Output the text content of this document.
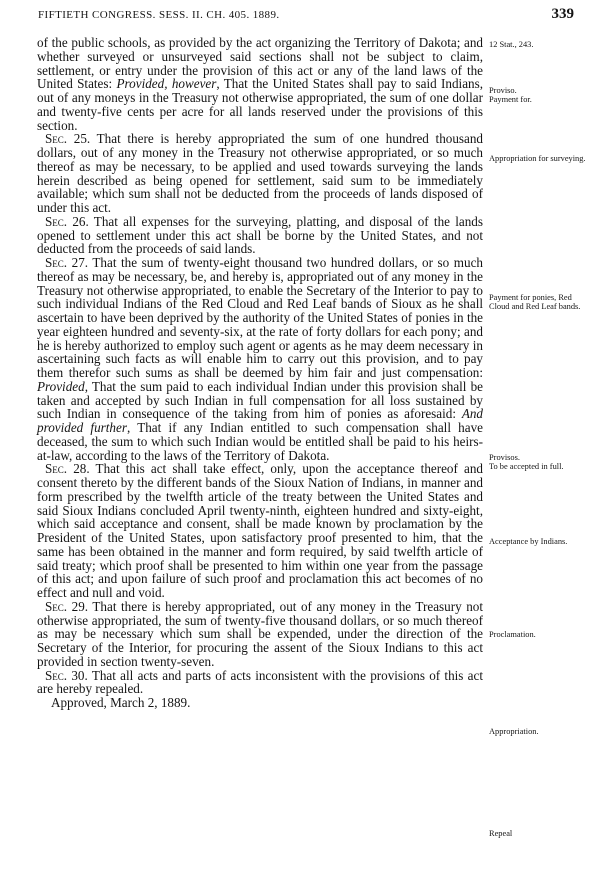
FIFTIETH CONGRESS. SESS. II. CH. 405. 1889.	339

of the public schools, as provided by the act organizing the Territory of Dakota; and whether surveyed or unsurveyed said sections shall not be subject to claim, settlement, or entry under the provision of this act or any of the land laws of the United States: Provided, however, That the United States shall pay to said Indians, out of any moneys in the Treasury not otherwise appropriated, the sum of one dollar and twenty-five cents per acre for all lands reserved under the provisions of this section.

Sec. 25. That there is hereby appropriated the sum of one hundred thousand dollars, out of any money in the Treasury not otherwise appropriated, or so much thereof as may be necessary, to be applied and used towards surveying the lands herein described as being opened for settlement, said sum to be immediately available; which sum shall not be deducted from the proceeds of lands disposed of under this act.

Sec. 26. That all expenses for the surveying, platting, and disposal of the lands opened to settlement under this act shall be borne by the United States, and not deducted from the proceeds of said lands.

Sec. 27. That the sum of twenty-eight thousand two hundred dollars, or so much thereof as may be necessary, be, and hereby is, appropriated out of any money in the Treasury not otherwise appropriated, to enable the Secretary of the Interior to pay to such individual Indians of the Red Cloud and Red Leaf bands of Sioux as he shall ascertain to have been deprived by the authority of the United States of ponies in the year eighteen hundred and seventy-six, at the rate of forty dollars for each pony; and he is hereby authorized to employ such agent or agents as he may deem necessary in ascertaining such facts as will enable him to carry out this provision, and to pay them therefor such sums as shall be deemed by him fair and just compensation: Provided, That the sum paid to each individual Indian under this provision shall be taken and accepted by such Indian in full compensation for all loss sustained by such Indian in consequence of the taking from him of ponies as aforesaid: And provided further, That if any Indian entitled to such compensation shall have deceased, the sum to which such Indian would be entitled shall be paid to his heirs-at-law, according to the laws of the Territory of Dakota.

Sec. 28. That this act shall take effect, only, upon the acceptance thereof and consent thereto by the different bands of the Sioux Nation of Indians, in manner and form prescribed by the twelfth article of the treaty between the United States and said Sioux Indians concluded April twenty-ninth, eighteen hundred and sixty-eight, which said acceptance and consent, shall be made known by proclamation by the President of the United States, upon satisfactory proof presented to him, that the same has been obtained in the manner and form required, by said twelfth article of said treaty; which proof shall be presented to him within one year from the passage of this act; and upon failure of such proof and proclamation this act becomes of no effect and null and void.

Sec. 29. That there is hereby appropriated, out of any money in the Treasury not otherwise appropriated, the sum of twenty-five thousand dollars, or so much thereof as may be necessary which sum shall be expended, under the direction of the Secretary of the Interior, for procuring the assent of the Sioux Indians to this act provided in section twenty-seven.

Sec. 30. That all acts and parts of acts inconsistent with the provisions of this act are hereby repealed.

Approved, March 2, 1889.

12 Stat., 243.
Proviso.
Payment for.
Appropriation for surveying.
Payment for ponies, Red Cloud and Red Leaf bands.
Provisos.
To be accepted in full.
Acceptance by Indians.
Proclamation.
Appropriation.
Repeal
